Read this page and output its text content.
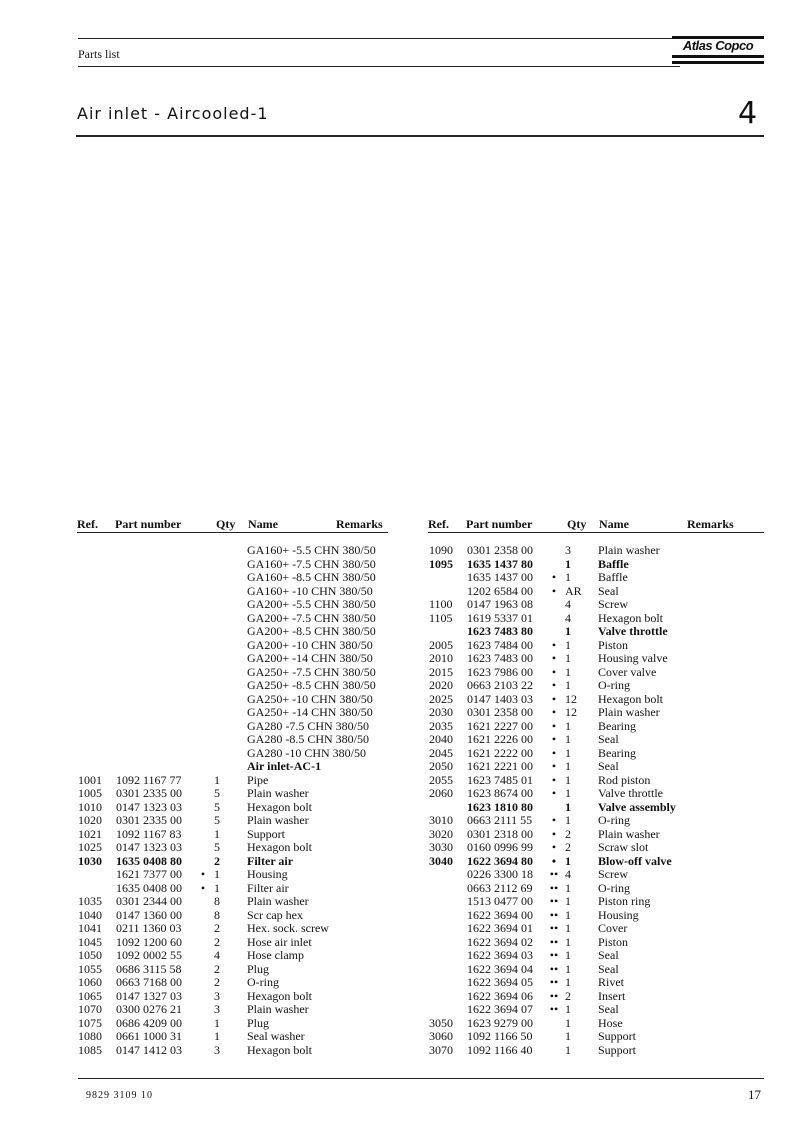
Parts list
Atlas Copco
Air inlet - Aircooled-1	4
Ref. Part number	Qty Name	Remarks	Ref. Part number	Qty Name	Remarks
GA160+ -5.5 CHN 380/50
GA160+ -7.5 CHN 380/50
GA160+ -8.5 CHN 380/50
GA160+ -10 CHN 380/50
GA200+ -5.5 CHN 380/50
GA200+ -7.5 CHN 380/50
GA200+ -8.5 CHN 380/50
GA200+ -10 CHN 380/50
GA200+ -14 CHN 380/50
GA250+ -7.5 CHN 380/50
GA250+ -8.5 CHN 380/50
GA250+ -10 CHN 380/50
GA250+ -14 CHN 380/50
GA280 -7.5 CHN 380/50
GA280 -8.5 CHN 380/50
GA280 -10 CHN 380/50
Air inlet-AC-1
1001 1092 1167 77	1 Pipe
1005 0301 2335 00	5 Plain washer
1010 0147 1323 03	5 Hexagon bolt
1020 0301 2335 00	5 Plain washer
1021 1092 1167 83	1 Support
1025 0147 1323 03	5 Hexagon bolt
1030 1635 0408 80	2 Filter air
1621 7377 00	• 1 Housing
1635 0408 00	• 1 Filter air
1035 0301 2344 00	8 Plain washer
1040 0147 1360 00	8 Scr cap hex
1041 0211 1360 03	2 Hex. sock. screw
1045 1092 1200 60	2 Hose air inlet
1050 1092 0002 55	4 Hose clamp
1055 0686 3115 58	2 Plug
1060 0663 7168 00	2 O-ring
1065 0147 1327 03	3 Hexagon bolt
1070 0300 0276 21	3 Plain washer
1075 0686 4209 00	1 Plug
1080 0661 1000 31	1 Seal washer
1085 0147 1412 03	3 Hexagon bolt
1090 0301 2358 00	3 Plain washer
1095 1635 1437 80	1 Baffle
1635 1437 00	• 1 Baffle
1202 6584 00	• AR Seal
1100 0147 1963 08	4 Screw
1105 1619 5337 01	4 Hexagon bolt
1623 7483 80	1 Valve throttle
2005 1623 7484 00	• 1 Piston
2010 1623 7483 00	• 1 Housing valve
2015 1623 7986 00	• 1 Cover valve
2020 0663 2103 22	• 1 O-ring
2025 0147 1403 03	• 12 Hexagon bolt
2030 0301 2358 00	• 12 Plain washer
2035 1621 2227 00	• 1 Bearing
2040 1621 2226 00	• 1 Seal
2045 1621 2222 00	• 1 Bearing
2050 1621 2221 00	• 1 Seal
2055 1623 7485 01	• 1 Rod piston
2060 1623 8674 00	• 1 Valve throttle
1623 1810 80	1 Valve assembly
3010 0663 2111 55	• 1 O-ring
3020 0301 2318 00	• 2 Plain washer
3030 0160 0996 99	• 2 Scraw slot
3040 1622 3694 80	• 1 Blow-off valve
0226 3300 18 •• 4 Screw
0663 2112 69 •• 1 O-ring
1513 0477 00 •• 1 Piston ring
1622 3694 00 •• 1 Housing
1622 3694 01 •• 1 Cover
1622 3694 02 •• 1 Piston
1622 3694 03 •• 1 Seal
1622 3694 04 •• 1 Seal
1622 3694 05 •• 1 Rivet
1622 3694 06 •• 2 Insert
1622 3694 07 •• 1 Seal
3050 1623 9279 00	1 Hose
3060 1092 1166 50	1 Support
3070 1092 1166 40	1 Support
9829 3109 10	17
